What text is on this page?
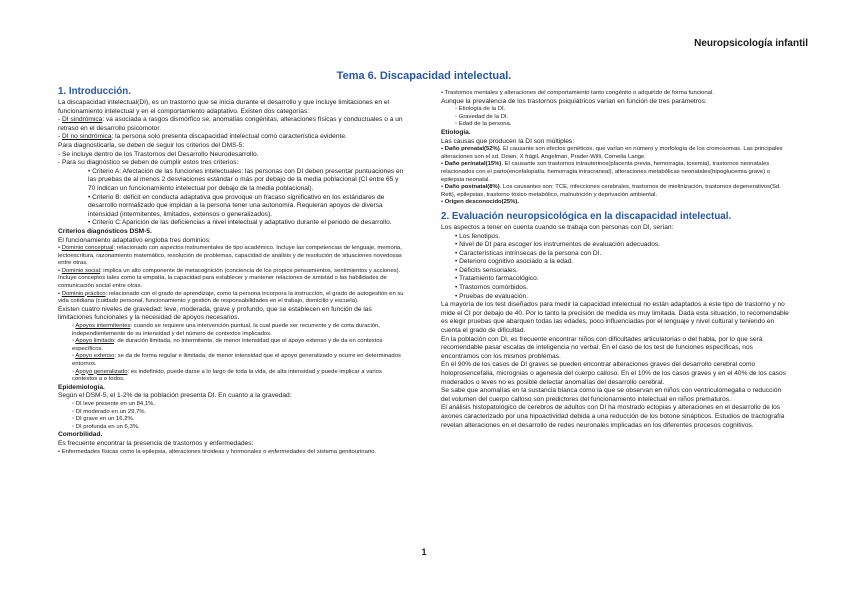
Neuropsicología infantil
Tema 6. Discapacidad intelectual.
1. Introducción.

La discapacidad intelectual(DI), es un trastorno que se inicia durante el desarrollo y que incluye limitaciones en el funcionamiento intelectual y en el comportamiento adaptativo. Existen dos categorías:

- DI sindrómica: va asociada a rasgos dismórfico se, anomalías congénitas, alteraciones físicas y conductuales o a un retraso en el desarrollo psicomotor.

- DI no sindrómica: la persona solo presenta discapacidad intelectual como característica evidente.

Para diagnosticarla, se deben de seguir los criterios del DMS-5:

- Se incluye dentro de los Trastornos del Desarrollo Neurodesarrollo.

- Para su diagnóstico se deben de cumplir estos tres criterios:

• Criterio A: Afectación de las funciones intelectuales: las personas con DI deben presentar puntuaciones en las pruebas de al menos 2 desviaciones estándar o más por debajo de la media poblacional (CI entre 65 y 70 indican un funcionamiento intelectual por debajo de la media poblacional).

• Criterio B: déficit en conducta adaptativa que provoque un fracaso significativo en los estándares de desarrollo normalizado que impidan a la persona tener una autonomía. Requieran apoyos de diversa intensidad (intermitentes, limitados, extensos o generalizados).

• Criterio C:Aparición de las deficiencias a nivel intelectual y adaptativo durante el periodo de desarrollo.

Criterios diagnósticos DSM-5.

El funcionamiento adaptativo engloba tres dominios:

• Dominio conceptual: relacionado con aspectos instrumentales de tipo académico. Incluye las competencias de lenguaje, memoria, lectoescritura, razonamiento matemático, resolución de problemas, capacidad de análisis y de resolución de situaciones novedosas entre otras.

• Dominio social: implica un alto componente de metacognición (conciencia de los propios pensamientos, sentimientos y acciones). Incluye conceptos tales como la empatía, la capacidad para establecer y mantener relaciones de amistad o las habilidades de comunicación social entre otras.

• Dominio práctico: relacionado con el grado de aprendizaje, como la persona incorpora la instrucción, el grado de autogestión en su vida cotidiana (cuidado personal, funcionamiento y gestión de responsabilidades en el trabajo, domicilio y escuela).

Existen cuatro niveles de gravedad: leve, moderada, grave y profundo, que se establecen en función de las limitaciones funcionales y la necesidad de apoyos necesarios.

◦ Apoyos intermitentes: cuando se requiere una intervención puntual, la cual puede ser recurrente y de corta duración, independientemente de su intensidad y del número de contextos implicados.

◦ Apoyo limitado: de duración limitada, no intermitente, de menor intensidad que el apoyo extenso y de da en contextos específicos.

◦ Apoyo extenso: se da de forma regular e ilimitada, de menor intensidad que el apoyo generalizado y ocurre en determinados entornos.

◦ Apoyo generalizado: es indefinido, puede darse a lo largo de toda la vida, de alta intensidad y puede implicar a varios contextos a o todos.

Epidemiología.

Según el DSM-5, el 1-2% de la población presenta DI. En cuanto a la gravedad:

◦ DI leve presente en un 84,1%.

◦ DI moderado en un 29,7%.

◦ DI grave en un 16,2%.

◦ DI profunda en un 6,3%.

Comorbilidad.

Es frecuente encontrar la presencia de trastornos y enfermedades:

• Enfermedades físicas como la epilepsia, alteraciones tiroideas y hormonales o enfermedades del sistema genitourinario.

• Trastornos mentales y alteraciones del comportamiento tanto congénito o adquirido de forma funcional.

Aunque la prevalencia de los trastornos psiquiátricos varían en función de tres parámetros:

◦ Etiología de la DI.

◦ Gravedad de la DI.

◦ Edad de la persona.

Etiología.

Las causas que producen la DI son múltiples:

• Daño prenatal(52%). El causante son efectos genéticos, que varían en número y morfología de los cromosomas. Las principales alteraciones son el sd. Down, X frágil, Angelman, Prader-Willi, Cornelia Lange.

• Daño perinatal(15%). El causante son trastornos intrauterinos(placenta previa, hemorragia, toxemia), trastornos neonatales relacionados con el parto(encefalopatía, hemorragia intracraneal), alteraciones metabólicas neonatales(hipoglucemia grave) o epilepsia neonatal.

• Daño postnatal(8%). Los causantes son: TCE, infecciones cerebrales, trastornos de mielinización, trastornos degenerativos(Sd. Rett), epilepsias, trastorno tóxico metabólico, malnutrición y deprivación ambiental.

• Origen desconocido(25%).

2. Evaluación neuropsicológica en la discapacidad intelectual.

Los aspectos a tener en cuenta cuando se trabaja con personas con DI, serían:

• Los fenotipos.

• Nivel de DI para escoger los instrumentos de evaluación adecuados.

• Características intrínsecas de la persona con DI.

• Deterioro cognitivo asociado a la edad.

• Déficits sensoriales.

• Tratamiento farmacológico.

• Trastornos comórbidos.

• Pruebas de evaluación.

La mayoría de los test diseñados para medir la capacidad intelectual no están adaptados a este tipo de trastorno y no mide el CI por debajo de 40. Por lo tanto la precisión de medida es muy limitada. Dada esta situación, lo recomendable es elegir pruebas que abarquen todas las edades, poco influenciadas por el lenguaje y nivel cultural y teniendo en cuenta el grado de dificultad.

En la población con DI, es frecuente encontrar niños con dificultades articulatorias o del habla, por lo que será recomendable pasar escalas de inteligencia no verbal. En el caso de los test de funciones específicas, nos encontramos con los mismos problemas.

En el 90% de los casos de DI graves se pueden encontrar alteraciones graves del desarrollo cerebral como holoprosencefalia, micrognias o agenesia del cuerpo calloso. En el 10% de los casos graves y en el 40% de los casos moderados o leves no es posible detectar anomalías del desarrollo cerebral.

Se sabe que anomalías en la sustancia blanca como la que se observan en niños con ventriculomegalia o reducción del volumen del cuerpo calloso son predictores del funcionamiento intelectual en niños prematuros.

El análisis histopatológico de cerebros de adultos con DI ha mostrado ectopias y alteraciones en el desarrollo de los axones caracterizado por una hipoactividad debida a una reducción de los botone sinápticos. Estudios de tractografía revelan alteraciones en el desarrollo de redes neuronales implicadas en los diferentes procesos cognitivos.

1
